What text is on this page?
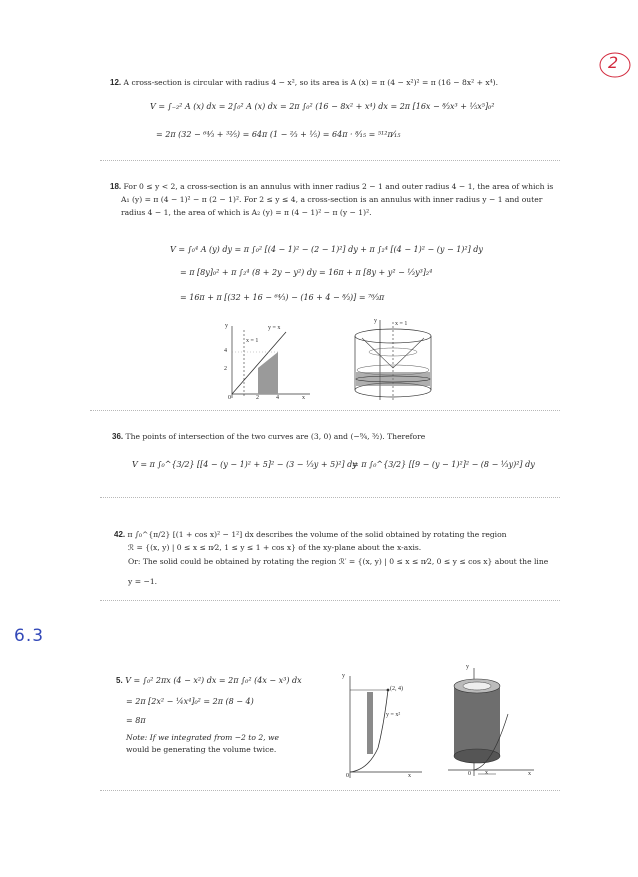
2
6.3
12. A cross-section is circular with radius 4 − x², so its area is A (x) = π (4 − x²)² = π (16 − 8x² + x⁴).
V = ∫₋₂² A (x) dx = 2∫₀² A (x) dx = 2π ∫₀² (16 − 8x² + x⁴) dx = 2π [16x − ⁸⁄₃x³ + ⅕x⁵]₀²
= 2π (32 − ⁶⁴⁄₃ + ³²⁄₅) = 64π (1 − ⅔ + ⅕) = 64π · ⁸⁄₁₅ = ⁵¹²π⁄₁₅
18. For 0 ≤ y < 2, a cross-section is an annulus with inner radius 2 − 1 and outer radius 4 − 1, the area of which is
A₁ (y) = π (4 − 1)² − π (2 − 1)². For 2 ≤ y ≤ 4, a cross-section is an annulus with inner radius y − 1 and outer
radius 4 − 1, the area of which is A₂ (y) = π (4 − 1)² − π (y − 1)².
V = ∫₀⁴ A (y) dy = π ∫₀² [(4 − 1)² − (2 − 1)²] dy + π ∫₂⁴ [(4 − 1)² − (y − 1)²] dy
= π [8y]₀² + π ∫₂⁴ (8 + 2y − y²) dy = 16π + π [8y + y² − ⅓y³]₂⁴
= 16π + π [(32 + 16 − ⁶⁴⁄₃) − (16 + 4 − ⁸⁄₃)] = ⁷⁶⁄₃π
y	y = x
x = 1
4
2
0	2	4	x
y	x = 1
36. The points of intersection of the two curves are (3, 0) and (−⁹⁄₄, ³⁄₂). Therefore
V = π ∫₀^{3/2} [[4 − (y − 1)² + 5]² − (3 − ⅓y + 5)²] dy
= π ∫₀^{3/2} [[9 − (y − 1)²]² − (8 − ⅓y)²] dy
42. π ∫₀^{π/2} [(1 + cos x)² − 1²] dx describes the volume of the solid obtained by rotating the region
ℛ = {(x, y) | 0 ≤ x ≤ π⁄2, 1 ≤ y ≤ 1 + cos x} of the xy-plane about the x-axis.
Or: The solid could be obtained by rotating the region ℛ′ = {(x, y) | 0 ≤ x ≤ π⁄2, 0 ≤ y ≤ cos x} about the line
y = −1.
5. V = ∫₀² 2πx (4 − x²) dx = 2π ∫₀² (4x − x³) dx
= 2π [2x² − ¼x⁴]₀² = 2π (8 − 4)
= 8π
Note: If we integrated from −2 to 2, we
would be generating the volume twice.
y
(2, 4)
y = x²
0	x
y
0 x	x
